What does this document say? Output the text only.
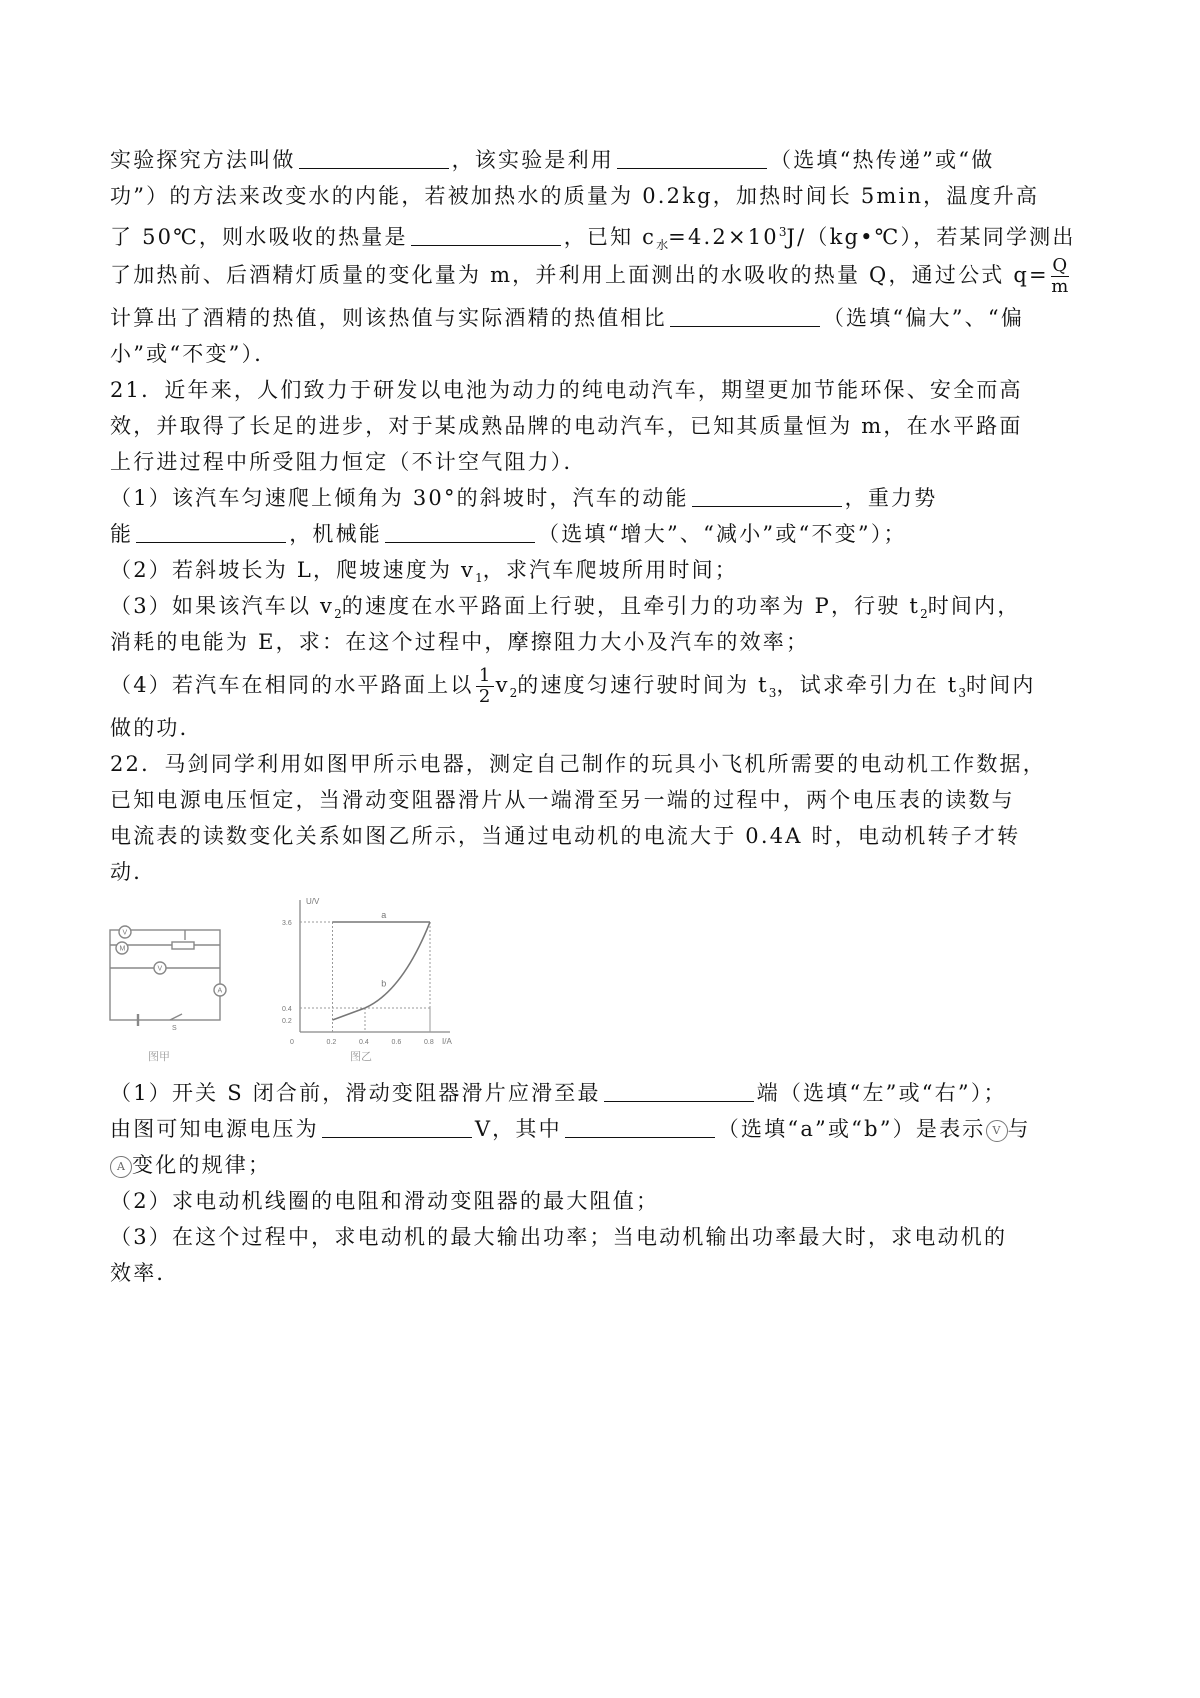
实验探究方法叫做	，该实验是利用	（选填“热传递”或“做
功”）的方法来改变水的内能，若被加热水的质量为 0.2kg，加热时间长 5min，温度升高
了 50℃，则水吸收的热量是	，已知 $c_水=4.2\times 10^3J/(kg•℃)$，若某同学测出
了加热前、后酒精灯质量的变化量为 m，并利用上面测出的水吸收的热量 Q，通过公式 $q= \frac{Q}{m}$
计算出了酒精的热值，则该热值与实际酒精的热值相比	（选填“偏大”、“偏
小”或“不变”）．
21．近年来，人们致力于研发以电池为动力的纯电动汽车，期望更加节能环保、安全而高
效，并取得了长足的进步，对于某成熟品牌的电动汽车，已知其质量恒为 m，在水平路面
上行进过程中所受阻力恒定（不计空气阻力）．
（1）该汽车匀速爬上倾角为 30°的斜坡时，汽车的动能	，重力势
能	，机械能	（选填“增大”、“减小”或“不变”）；
（2）若斜坡长为 L，爬坡速度为 $v_1$，求汽车爬坡所用时间；
（3）如果该汽车以 $v_2$的速度在水平路面上行驶，且牵引力的功率为 P，行驶 $t_2$时间内，
消耗的电能为 E，求：在这个过程中，摩擦阻力大小及汽车的效率；
（4）若汽车在相同的水平路面上以 $\frac{1}{2} v_2$的速度匀速行驶时间为 $t_3$，试求牵引力在 $t_3$时间内
做的功．
22．马剑同学利用如图甲所示电器，测定自己制作的玩具小飞机所需要的电动机工作数据，
已知电源电压恒定，当滑动变阻器滑片从一端滑至另一端的过程中，两个电压表的读数与
电流表的读数变化关系如图乙所示，当通过电动机的电流大于 0.4A 时，电动机转子才转
动．
V
M
V
A
S
图甲
U/V
I/A
a
b
3.6
0.4
0.2
0	0.2	0.4	0.6	0.8
图乙
（1）开关 S 闭合前，滑动变阻器滑片应滑至最	端（选填“左”或“右”）；
由图可知电源电压为	V，其中	（选填“a”或“b”）是表示 V 与
A 变化的规律；
（2）求电动机线圈的电阻和滑动变阻器的最大阻值；
（3）在这个过程中，求电动机的最大输出功率；当电动机输出功率最大时，求电动机的
效率．
